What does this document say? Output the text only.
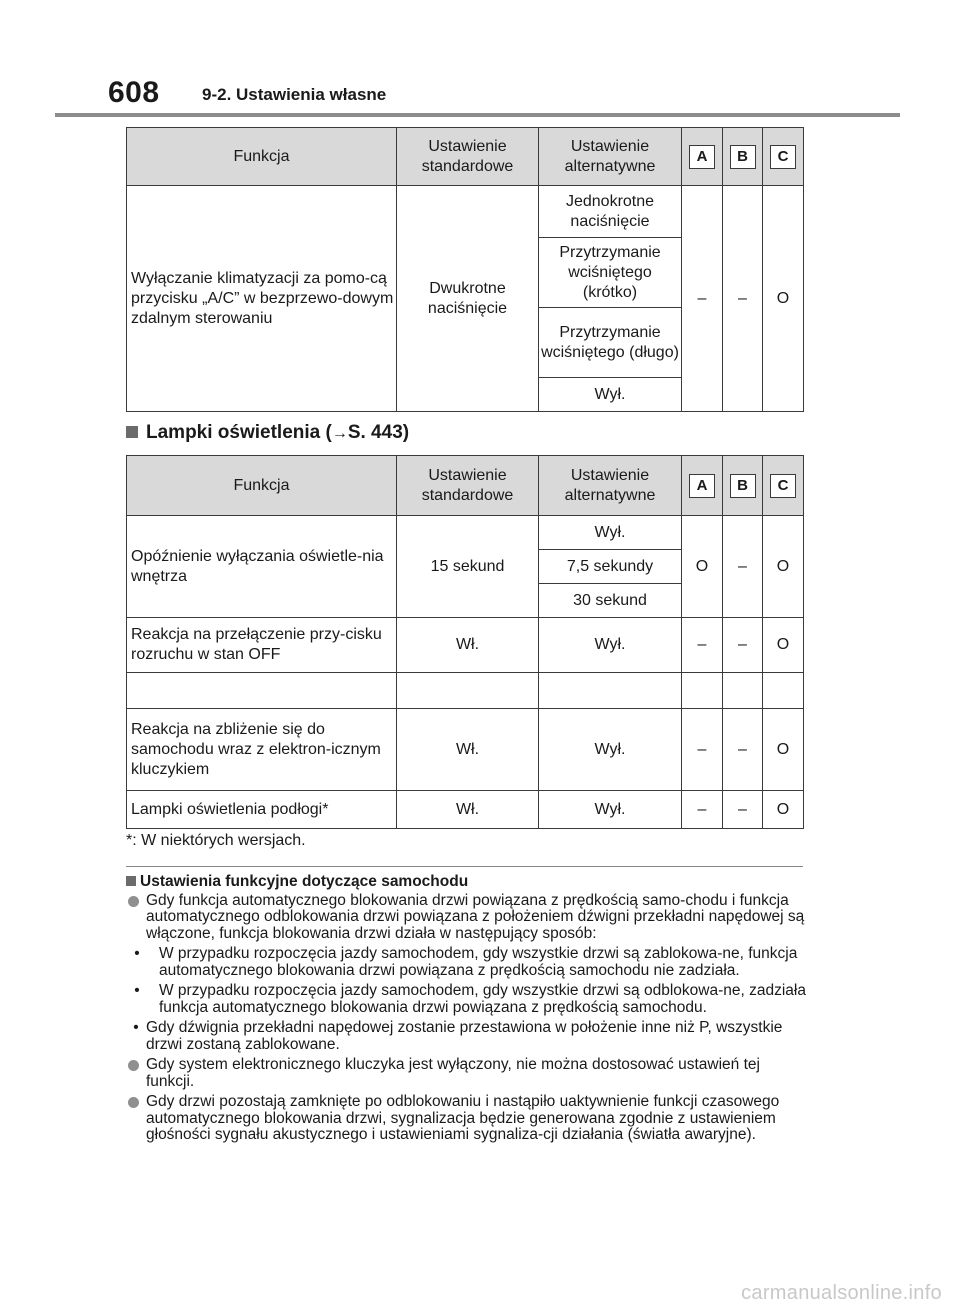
608 9-2. Ustawienia własne
Funkcja	Ustawienie standardowe	Ustawienie alternatywne	A	B	C
Wyłączanie klimatyzacji za pomo-cą przycisku „A/C” w bezprzewo-dowym zdalnym sterowaniu	Dwukrotne naciśnięcie	Jednokrotne naciśnięcie	–	–	O
		Przytrzymanie wciśniętego (krótko)			
		Przytrzymanie wciśniętego (długo)			
		Wył.			
Lampki oświetlenia (→S. 443)
Funkcja	Ustawienie standardowe	Ustawienie alternatywne	A	B	C
Opóźnienie wyłączania oświetle-nia wnętrza	15 sekund	Wył.	O	–	O
		7,5 sekundy			
		30 sekund			
Reakcja na przełączenie przy-cisku rozruchu w stan OFF	Wł.	Wył.	–	–	O

Reakcja na zbliżenie się do samochodu wraz z elektron-icznym kluczykiem	Wł.	Wył.	–	–	O
Lampki oświetlenia podłogi*	Wł.	Wył.	–	–	O
*: W niektórych wersjach.
Ustawienia funkcyjne dotyczące samochodu
Gdy funkcja automatycznego blokowania drzwi powiązana z prędkością samo-chodu i funkcja automatycznego odblokowania drzwi powiązana z położeniem dźwigni przekładni napędowej są włączone, funkcja blokowania drzwi działa w następujący sposób:
•	W przypadku rozpoczęcia jazdy samochodem, gdy wszystkie drzwi są zablokowa-ne, funkcja automatycznego blokowania drzwi powiązana z prędkością samochodu nie zadziała.
•	W przypadku rozpoczęcia jazdy samochodem, gdy wszystkie drzwi są odblokowa-ne, zadziała funkcja automatycznego blokowania drzwi powiązana z prędkością samochodu.
• Gdy dźwignia przekładni napędowej zostanie przestawiona w położenie inne niż P, wszystkie drzwi zostaną zablokowane.
Gdy system elektronicznego kluczyka jest wyłączony, nie można dostosować ustawień tej funkcji.
Gdy drzwi pozostają zamknięte po odblokowaniu i nastąpiło uaktywnienie funkcji czasowego automatycznego blokowania drzwi, sygnalizacja będzie generowana zgodnie z ustawieniem głośności sygnału akustycznego i ustawieniami sygnaliza-cji działania (światła awaryjne).
carmanualsonline.info
